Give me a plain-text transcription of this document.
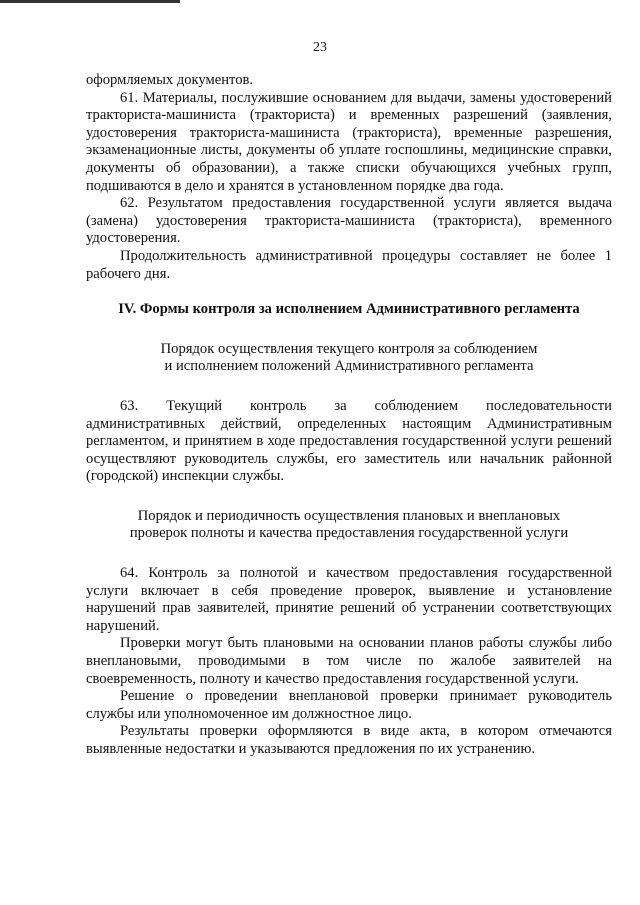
23

оформляемых документов.

61. Материалы, послужившие основанием для выдачи, замены удостоверений тракториста-машиниста (тракториста) и временных разрешений (заявления, удостоверения тракториста-машиниста (тракториста), временные разрешения, экзаменационные листы, документы об уплате госпошлины, медицинские справки, документы об образовании), а также списки обучающихся учебных групп, подшиваются в дело и хранятся в установленном порядке два года.

62. Результатом предоставления государственной услуги является выдача (замена) удостоверения тракториста-машиниста (тракториста), временного удостоверения.

Продолжительность административной процедуры составляет не более 1 рабочего дня.

IV. Формы контроля за исполнением Административного регламента

Порядок осуществления текущего контроля за соблюдением

и исполнением положений Административного регламента

63. Текущий контроль за соблюдением последовательности административных действий, определенных настоящим Административным регламентом, и принятием в ходе предоставления государственной услуги решений осуществляют руководитель службы, его заместитель или начальник районной (городской) инспекции службы.

Порядок и периодичность осуществления плановых и внеплановых

проверок полноты и качества предоставления государственной услуги

64. Контроль за полнотой и качеством предоставления государственной услуги включает в себя проведение проверок, выявление и установление нарушений прав заявителей, принятие решений об устранении соответствующих нарушений.

Проверки могут быть плановыми на основании планов работы службы либо внеплановыми, проводимыми в том числе по жалобе заявителей на своевременность, полноту и качество предоставления государственной услуги.

Решение о проведении внеплановой проверки принимает руководитель службы или уполномоченное им должностное лицо.

Результаты проверки оформляются в виде акта, в котором отмечаются выявленные недостатки и указываются предложения по их устранению.
